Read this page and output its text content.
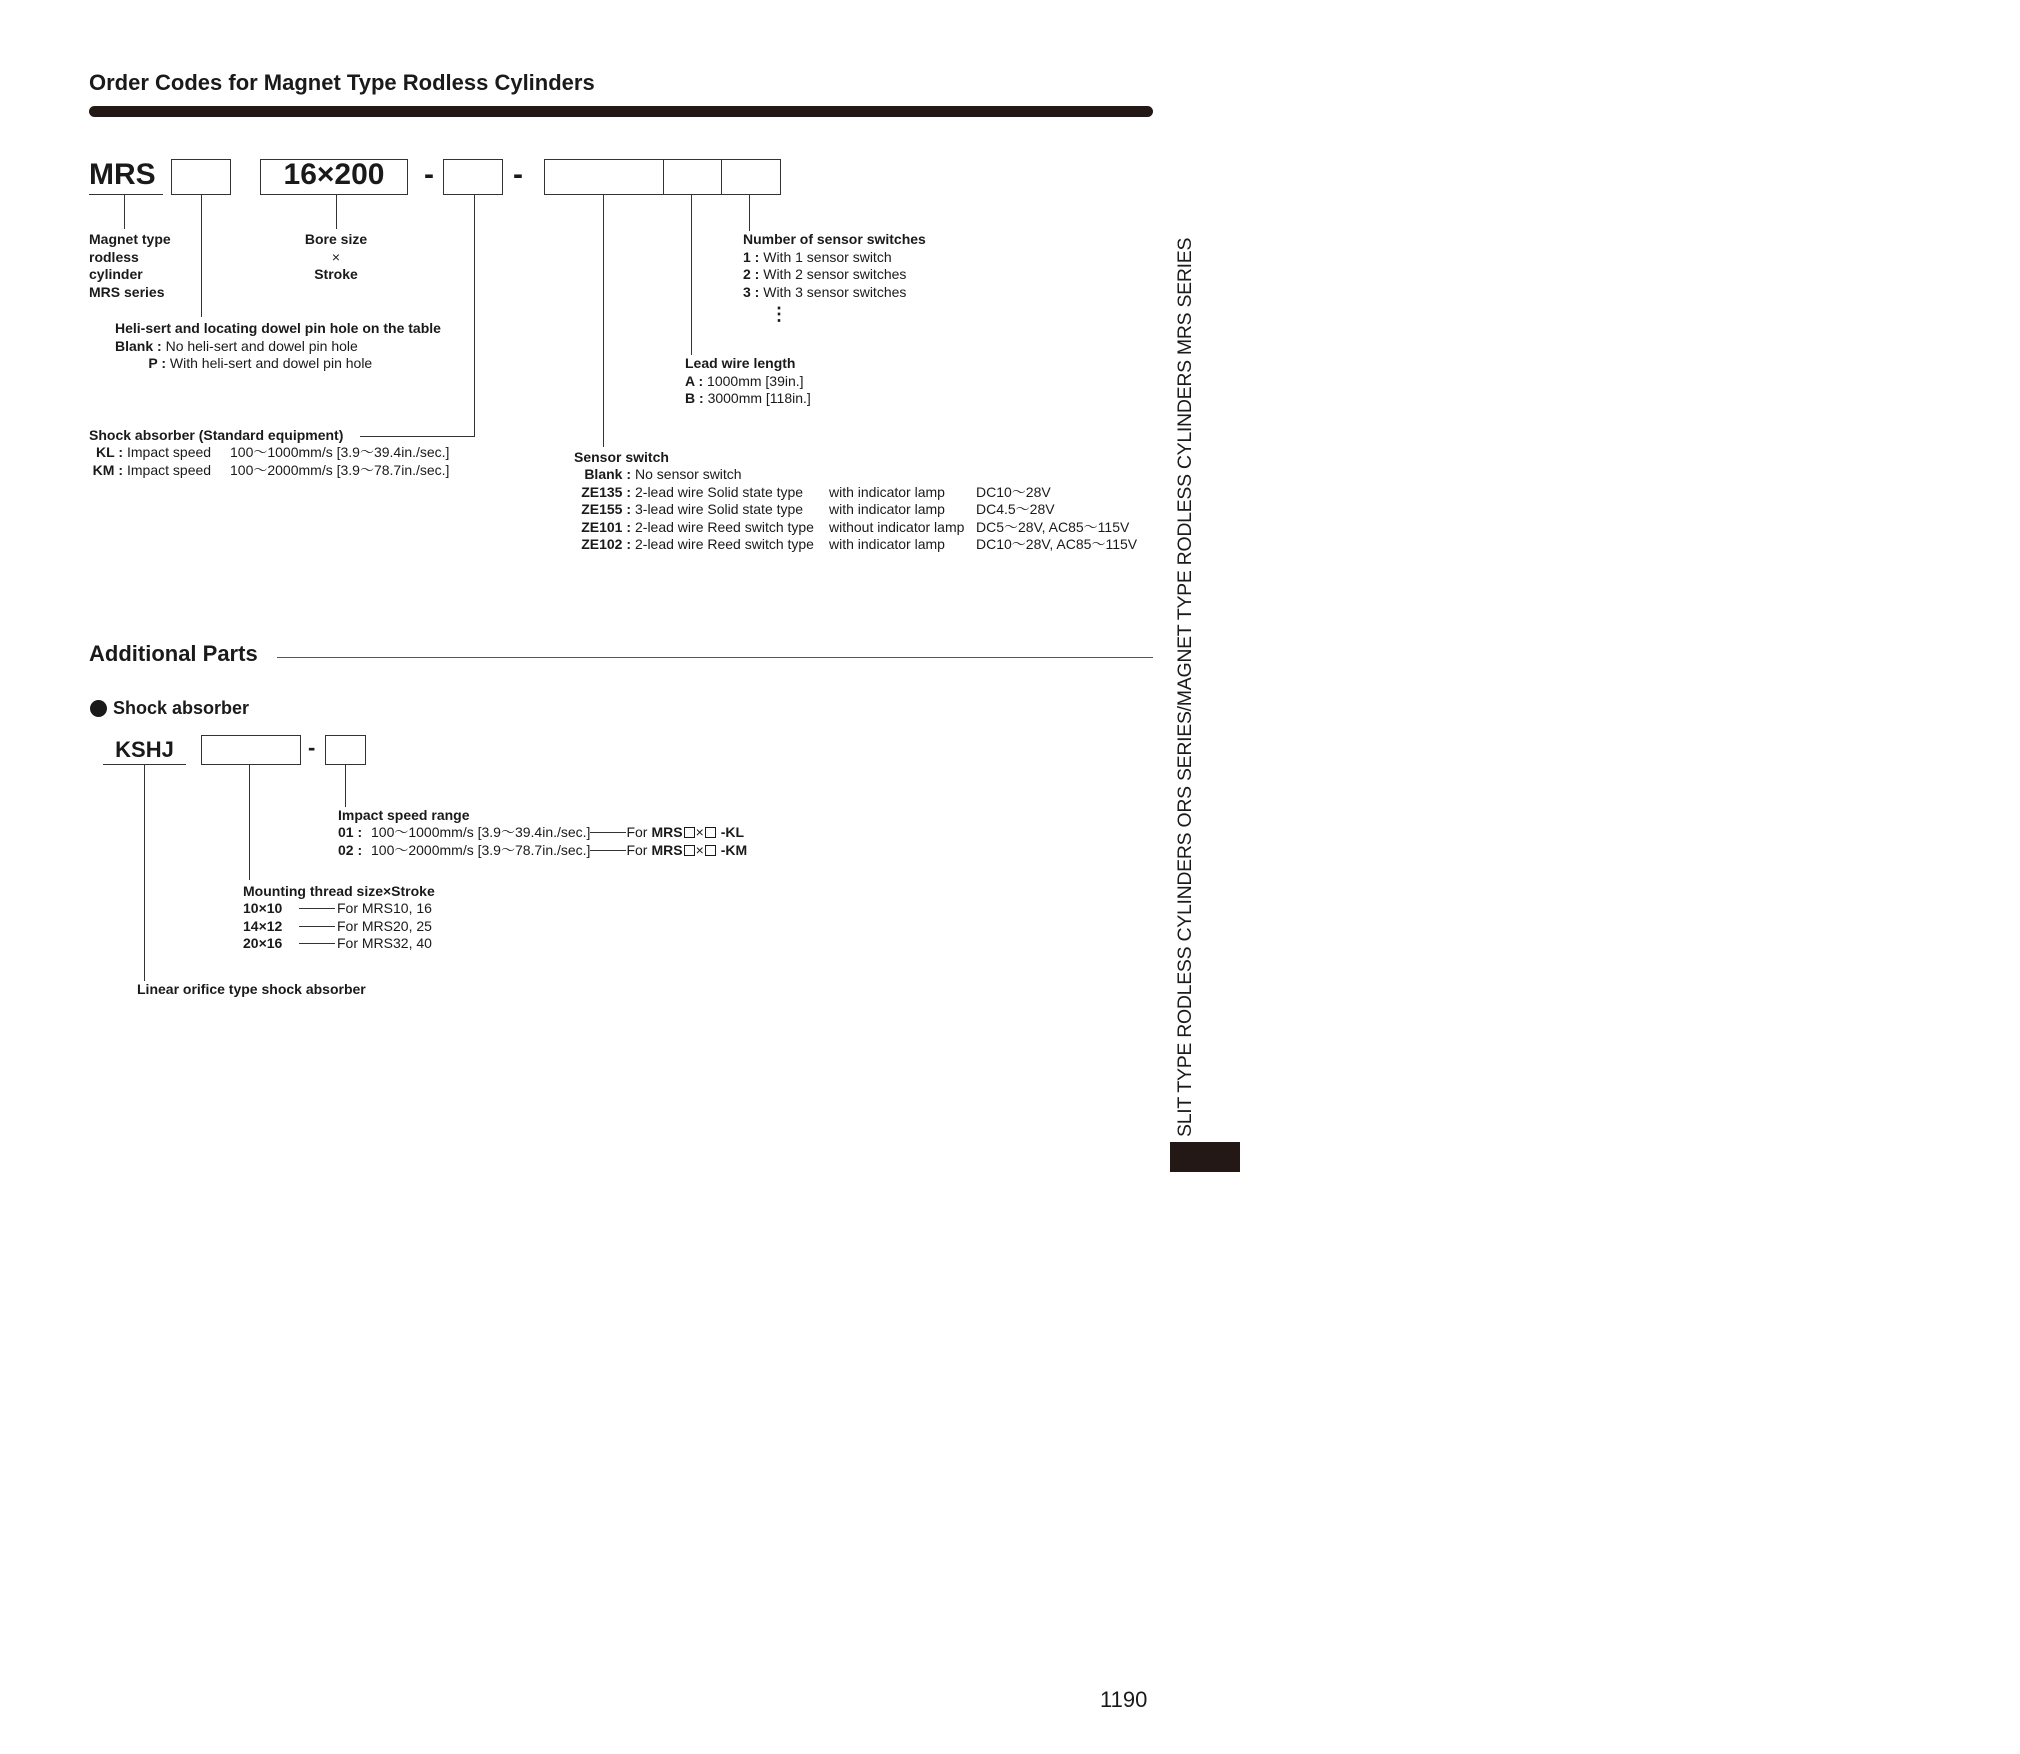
Order Codes for Magnet Type Rodless Cylinders
MRS	16×200	-	-
Magnet type
rodless
cylinder
MRS series
Bore size
×
Stroke
Number of sensor switches
1 : With 1 sensor switch
2 : With 2 sensor switches
3 : With 3 sensor switches
⋮
Heli-sert and locating dowel pin hole on the table
Blank : No heli-sert and dowel pin hole
P : With heli-sert and dowel pin hole	Lead wire length
A : 1000mm [39in.]
B : 3000mm [118in.]
Shock absorber (Standard equipment)
KL : Impact speed	100～1000mm/s [3.9～39.4in./sec.]
KM : Impact speed	100～2000mm/s [3.9～78.7in./sec.]
Sensor switch
Blank : No sensor switch
ZE135 : 2-lead wire Solid state type	with indicator lamp	DC10～28V
ZE155 : 3-lead wire Solid state type	with indicator lamp	DC4.5～28V
ZE101 : 2-lead wire Reed switch type	without indicator lamp DC5～28V, AC85～115V
ZE102 : 2-lead wire Reed switch type	with indicator lamp	DC10～28V, AC85～115V
Additional Parts
Shock absorber
KSHJ	-
Impact speed range
01 : 100～1000mm/s [3.9～39.4in./sec.]	For MRS × -KL
02 : 100～2000mm/s [3.9～78.7in./sec.]	For MRS × -KM
Mounting thread size×Stroke
10×10	For MRS10, 16
14×12	For MRS20, 25
20×16	For MRS32, 40
Linear orifice type shock absorber	SLIT TYPE RODLESS CYLINDERS ORS SERIES/MAGNET TYPE RODLESS CYLINDERS MRS SERIES
1190
